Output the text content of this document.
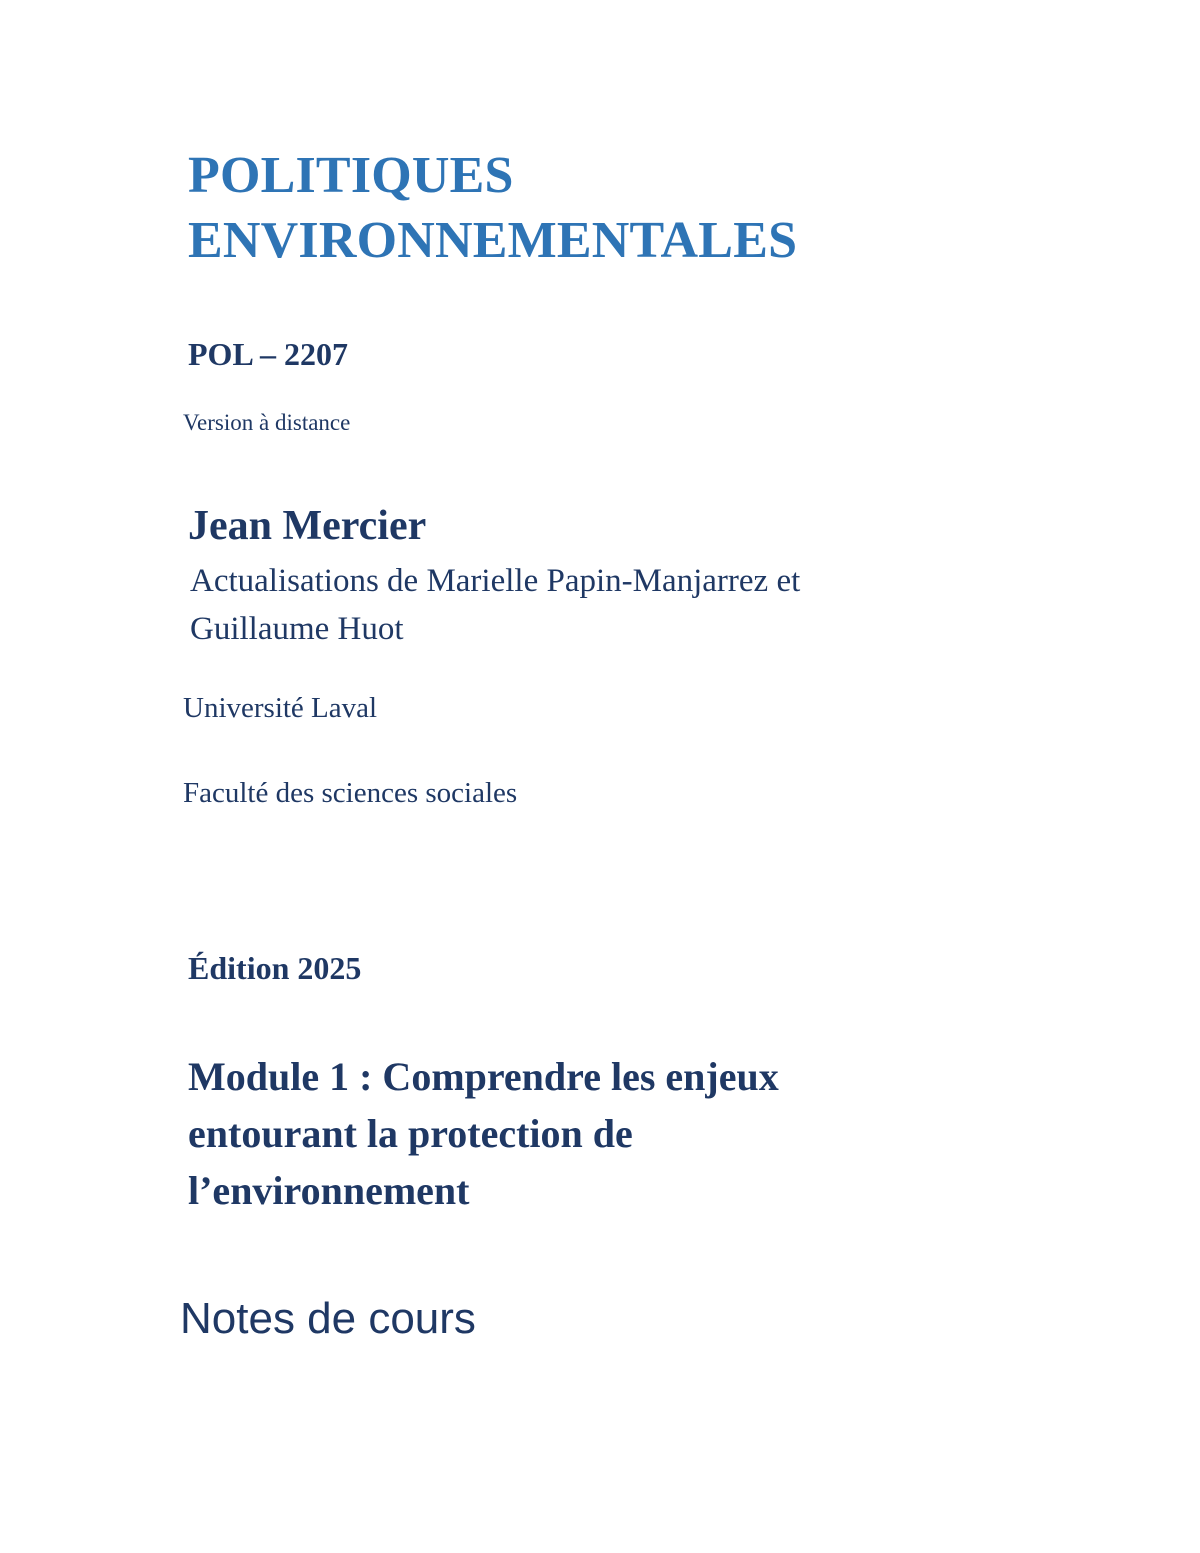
POLITIQUES
ENVIRONNEMENTALES
POL – 2207
Version à distance
Jean Mercier
Actualisations de Marielle Papin-Manjarrez et
Guillaume Huot
Université Laval
Faculté des sciences sociales
Édition 2025
Module 1 : Comprendre les enjeux
entourant la protection de
l’environnement
Notes de cours
